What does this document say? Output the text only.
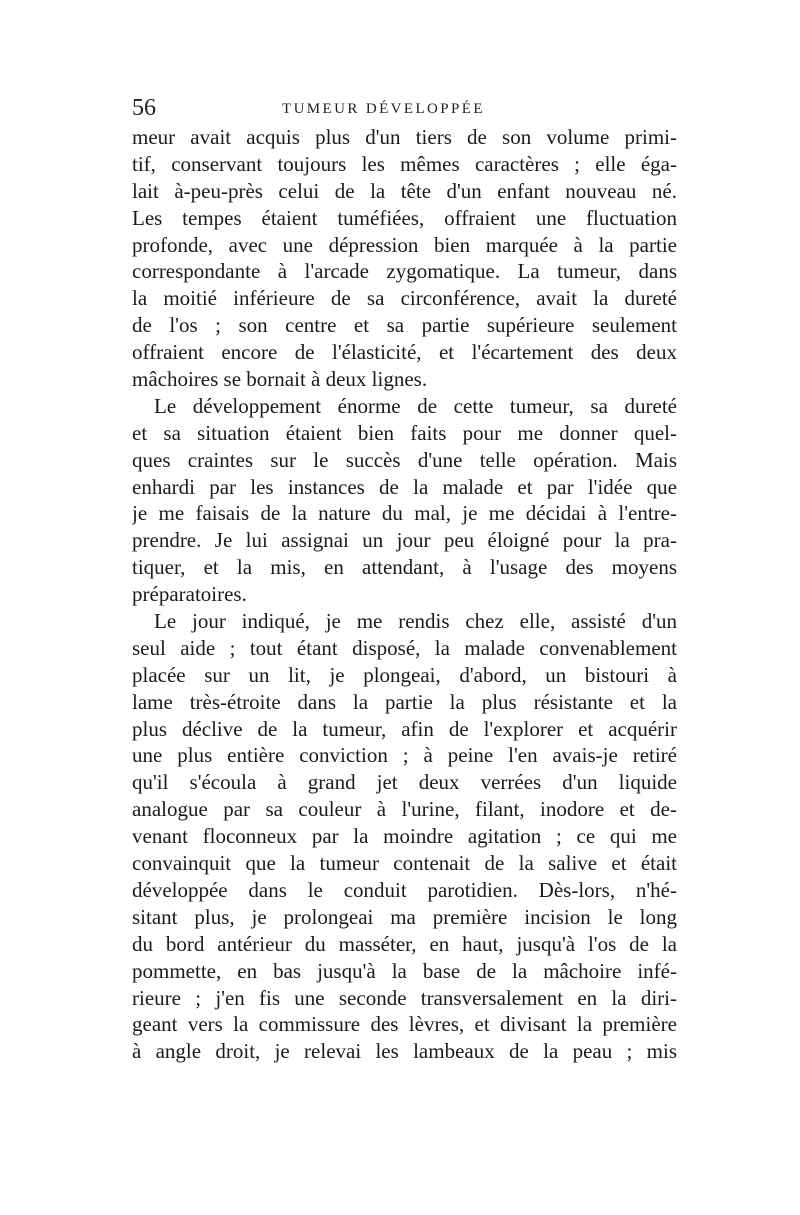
56	TUMEUR DÉVELOPPÉE
meur avait acquis plus d'un tiers de son volume primi-
tif, conservant toujours les mêmes caractères ; elle éga-
lait à-peu-près celui de la tête d'un enfant nouveau né.
Les tempes étaient tuméfiées, offraient une fluctuation
profonde, avec une dépression bien marquée à la partie
correspondante à l'arcade zygomatique. La tumeur, dans
la moitié inférieure de sa circonférence, avait la dureté
de l'os ; son centre et sa partie supérieure seulement
offraient encore de l'élasticité, et l'écartement des deux
mâchoires se bornait à deux lignes.
Le développement énorme de cette tumeur, sa dureté
et sa situation étaient bien faits pour me donner quel-
ques craintes sur le succès d'une telle opération. Mais
enhardi par les instances de la malade et par l'idée que
je me faisais de la nature du mal, je me décidai à l'entre-
prendre. Je lui assignai un jour peu éloigné pour la pra-
tiquer, et la mis, en attendant, à l'usage des moyens
préparatoires.
Le jour indiqué, je me rendis chez elle, assisté d'un
seul aide ; tout étant disposé, la malade convenablement
placée sur un lit, je plongeai, d'abord, un bistouri à
lame très-étroite dans la partie la plus résistante et la
plus déclive de la tumeur, afin de l'explorer et acquérir
une plus entière conviction ; à peine l'en avais-je retiré
qu'il s'écoula à grand jet deux verrées d'un liquide
analogue par sa couleur à l'urine, filant, inodore et de-
venant floconneux par la moindre agitation ; ce qui me
convainquit que la tumeur contenait de la salive et était
développée dans le conduit parotidien. Dès-lors, n'hé-
sitant plus, je prolongeai ma première incision le long
du bord antérieur du masséter, en haut, jusqu'à l'os de la
pommette, en bas jusqu'à la base de la mâchoire infé-
rieure ; j'en fis une seconde transversalement en la diri-
geant vers la commissure des lèvres, et divisant la première
à angle droit, je relevai les lambeaux de la peau ; mis
